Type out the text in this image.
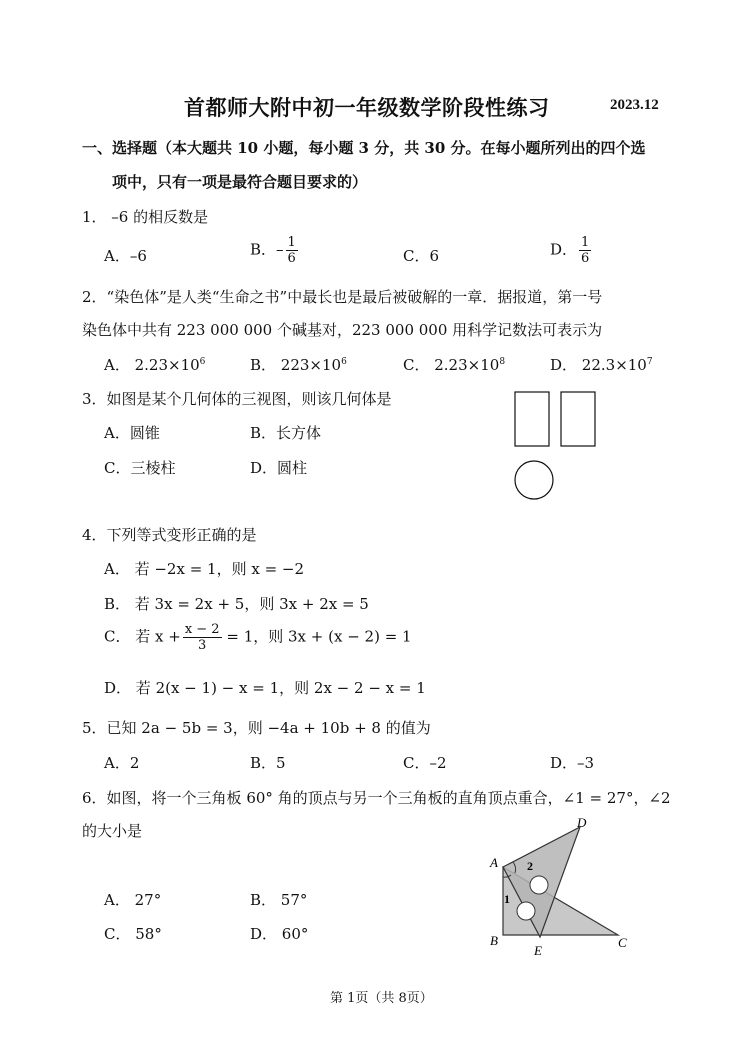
首都师大附中初一年级数学阶段性练习	2023.12
一、选择题（本大题共 10 小题，每小题 3 分，共 30 分。在每小题所列出的四个选
项中，只有一项是最符合题目要求的）
1． –6 的相反数是
A．–6	B．– $\frac{1}{6}$	C．6	D． $\frac{1}{6}$
2．“染色体”是人类“生命之书”中最长也是最后被破解的一章．据报道，第一号
染色体中共有 223 000 000 个碱基对，223 000 000 用科学记数法可表示为
A． $2.23\times 10^6$	B． $223\times 10^6$	C． $2.23\times 10^8$	D． $22.3\times 10^7$
3．如图是某个几何体的三视图，则该几何体是
A．圆锥	B．长方体
C．三棱柱	D．圆柱
4．下列等式变形正确的是
A． 若 −2x = 1，则 x = −2
B． 若 3x = 2x + 5，则 3x + 2x = 5
C． 若 $x + \frac{x - 2}{3} = 1$，则 3x + (x − 2) = 1
D． 若 2(x − 1) − x = 1，则 2x − 2 − x = 1
5．已知 2a − 5b = 3，则 −4a + 10b + 8 的值为
A．2	B．5	C．–2	D．–3
6．如图，将一个三角板 60° 角的顶点与另一个三角板的直角顶点重合，∠1 = 27°，∠2
的大小是
A． 27°	B． 57°
C． 58°	D． 60°
A
B	C
D
E
1
2
第 1页（共 8页）
